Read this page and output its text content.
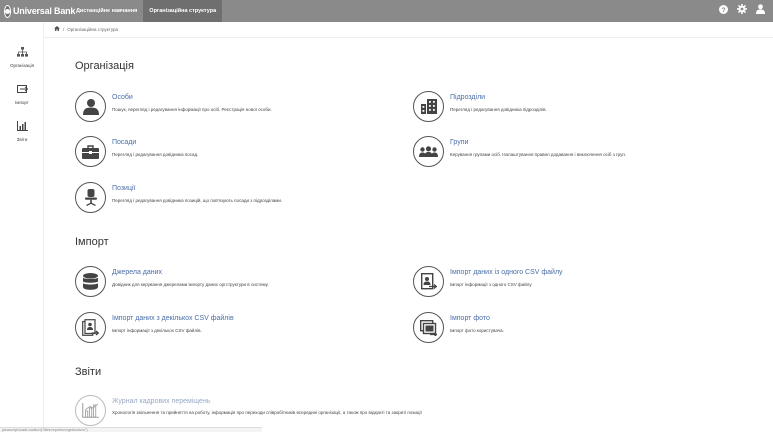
Universal Bank Дистанційне навчання	Організаційна структура	?
Організація
Імпорт
Звіти
/ Організаційна структура
Організація
Особи
Пошук, перегляд і редагування інформації про осіб. Реєстрація нової особи.
Підрозділи
Перегляд і редагування довідника підрозділів.
Посади
Перегляд і редагування довідника посад.
Групи
Керування групами осіб. Налаштування правил додавання і виключення осіб з груп.
Позиції
Перегляд і редагування довідника позицій, що пов'язують посади з підрозділами.
Імпорт
Джерела даних
Довідник для керування джерелами імпорту даних оргструктури в систему.
Імпорт даних із одного CSV файлу
Імпорт інформації з одного CSV файлу
Імпорт даних з декількох CSV файлів
Імпорт інформації з декількох CSV файлів.
Імпорт фото
Імпорт фото користувача.
Звіти
Журнал кадрових переміщень
Хронологія звільнення та прийняття на роботу, інформація про переходи співробітників всередині організації, а також про відкриті та закриті позиції
javascript:loadLocation('/tiles/reports/orgstructure/')
